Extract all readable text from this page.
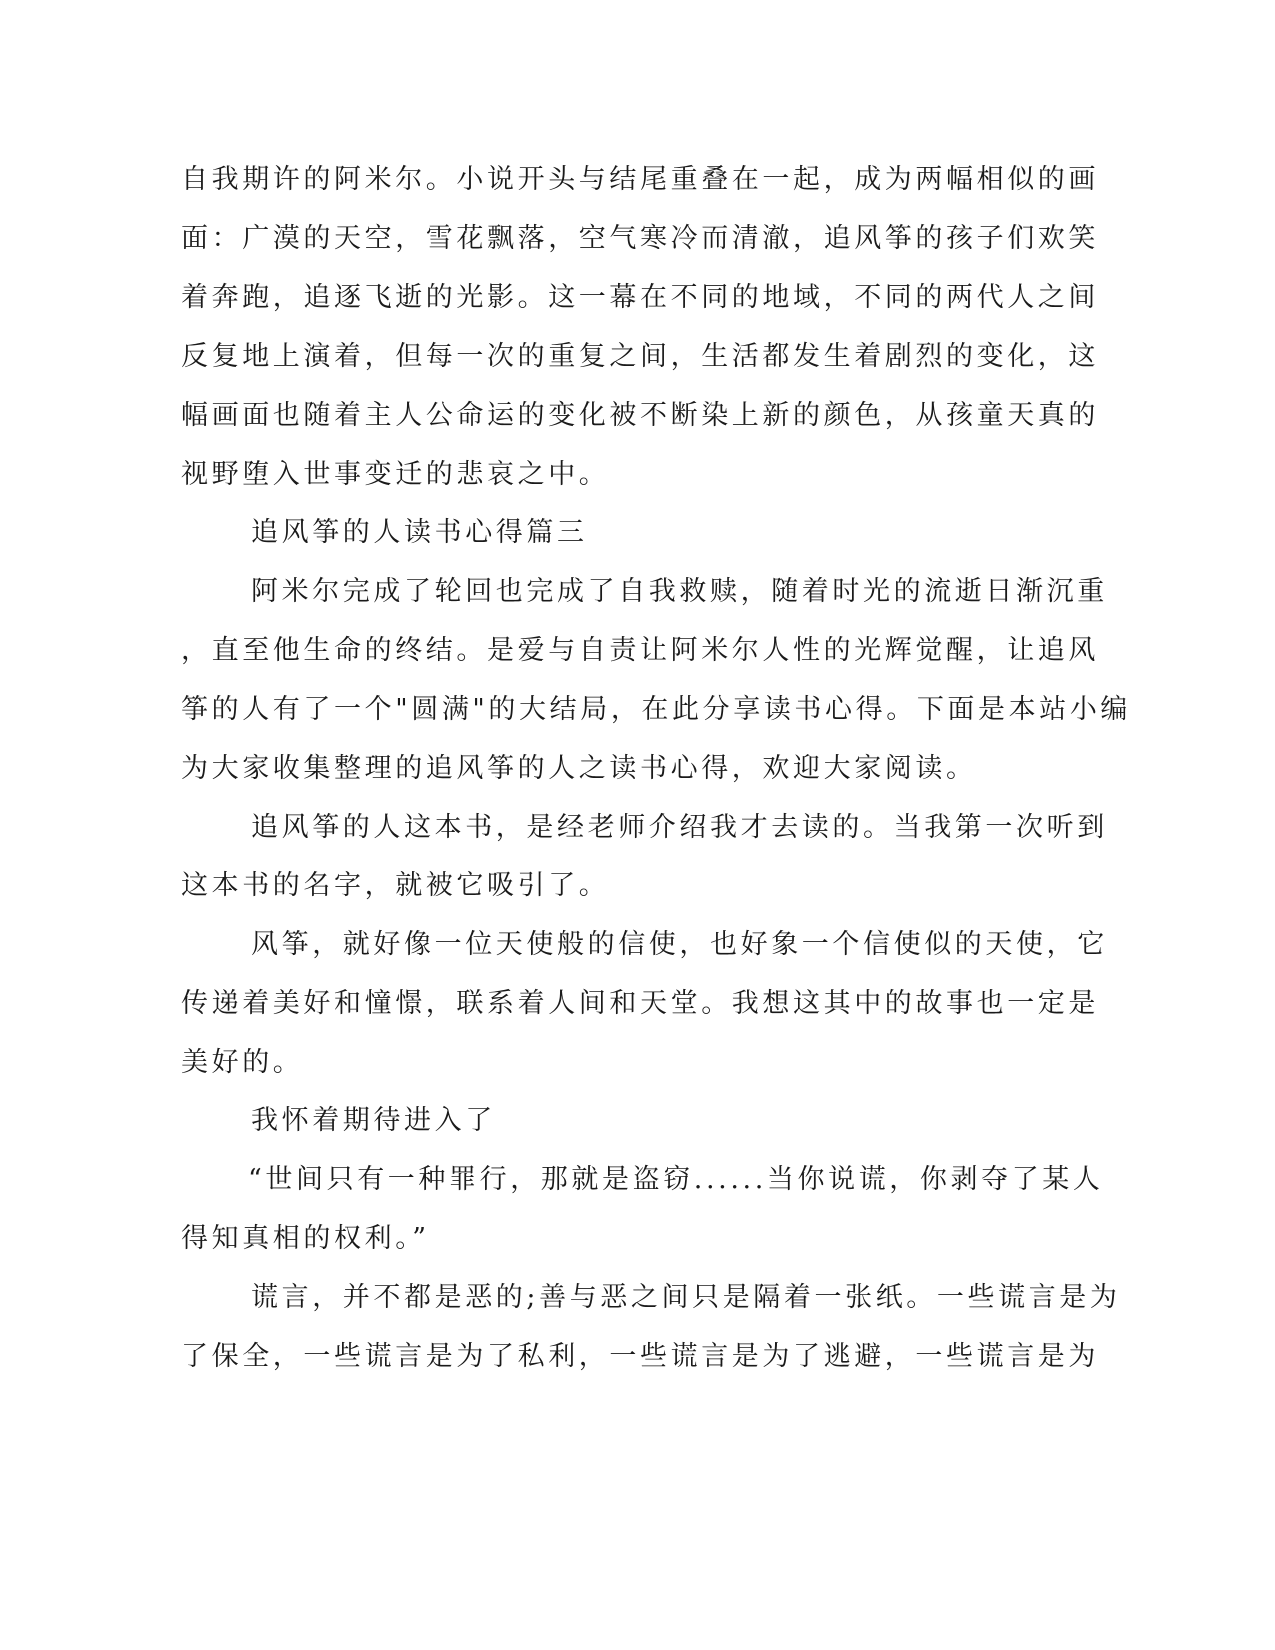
自我期许的阿米尔。小说开头与结尾重叠在一起，成为两幅相似的画
面：广漠的天空，雪花飘落，空气寒冷而清澈，追风筝的孩子们欢笑
着奔跑，追逐飞逝的光影。这一幕在不同的地域，不同的两代人之间
反复地上演着，但每一次的重复之间，生活都发生着剧烈的变化，这
幅画面也随着主人公命运的变化被不断染上新的颜色，从孩童天真的
视野堕入世事变迁的悲哀之中。
追风筝的人读书心得篇三
阿米尔完成了轮回也完成了自我救赎，随着时光的流逝日渐沉重
，直至他生命的终结。是爱与自责让阿米尔人性的光辉觉醒，让追风
筝的人有了一个"圆满"的大结局，在此分享读书心得。下面是本站小编
为大家收集整理的追风筝的人之读书心得，欢迎大家阅读。
追风筝的人这本书，是经老师介绍我才去读的。当我第一次听到
这本书的名字，就被它吸引了。
风筝，就好像一位天使般的信使，也好象一个信使似的天使，它
传递着美好和憧憬，联系着人间和天堂。我想这其中的故事也一定是
美好的。
我怀着期待进入了
“世间只有一种罪行，那就是盗窃......当你说谎，你剥夺了某人
得知真相的权利。”
谎言，并不都是恶的;善与恶之间只是隔着一张纸。一些谎言是为
了保全，一些谎言是为了私利，一些谎言是为了逃避，一些谎言是为
